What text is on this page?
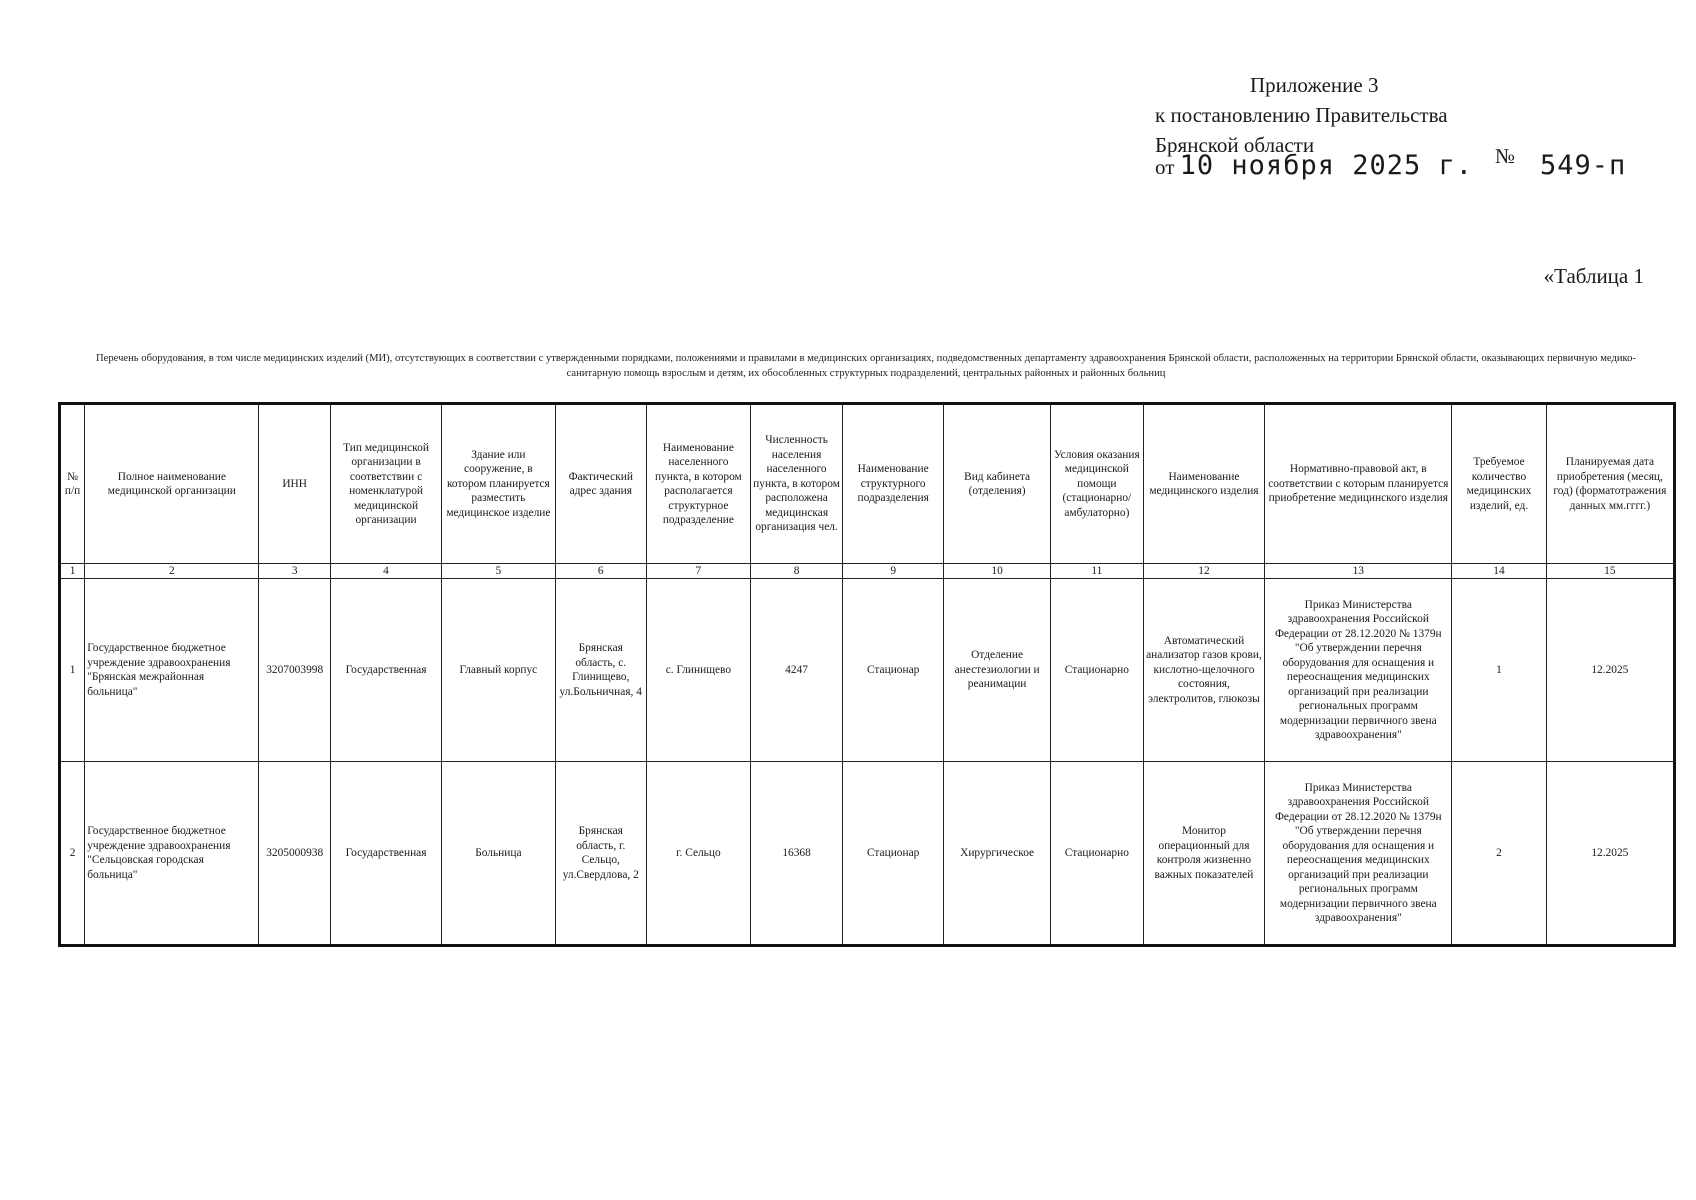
Приложение 3
к постановлению Правительства
Брянской области
от 10 ноября 2025 г. № 549-п
«Таблица 1
Перечень оборудования, в том числе медицинских изделий (МИ), отсутствующих в соответствии с утвержденными порядками, положениями и правилами в медицинских организациях, подведомственных департаменту здравоохранения Брянской области, расположенных на территории Брянской области, оказывающих первичную медико-санитарную помощь взрослым и детям, их обособленных структурных подразделений, центральных районных и районных больниц
№ п/п	Полное наименование медицинской организации	ИНН	Тип медицинской организации в соответствии с номенклатурой медицинской организации	Здание или сооружение, в котором планируется разместить медицинское изделие	Фактический адрес здания	Наименование населенного пункта, в котором располагается структурное подразделение	Численность населения населенного пункта, в котором расположена медицинская организация чел.	Наименование структурного подразделения	Вид кабинета (отделения)	Условия оказания медицинской помощи (стационарно/амбулаторно)	Наименование медицинского изделия	Нормативно-правовой акт, в соответствии с которым планируется приобретение медицинского изделия	Требуемое количество медицинских изделий, ед.	Планируемая дата приобретения (месяц, год) (форматотражения данных мм.гггг.)
1	2	3	4	5	6	7	8	9	10	11	12	13	14	15
1	Государственное бюджетное учреждение здравоохранения "Брянская межрайонная больница"	3207003998	Государственная	Главный корпус	Брянская область, с. Глинищево, ул.Больничная, 4	с. Глинищево	4247	Стационар	Отделение анестезиологии и реанимации	Стационарно	Автоматический анализатор газов крови, кислотно-щелочного состояния, электролитов, глюкозы	Приказ Министерства здравоохранения Российской Федерации от 28.12.2020 № 1379н "Об утверждении перечня оборудования для оснащения и переоснащения медицинских организаций при реализации региональных программ модернизации первичного звена здравоохранения"	1	12.2025
2	Государственное бюджетное учреждение здравоохранения "Сельцовская городская больница"	3205000938	Государственная	Больница	Брянская область, г. Сельцо, ул.Свердлова, 2	г. Сельцо	16368	Стационар	Хирургическое	Стационарно	Монитор операционный для контроля жизненно важных показателей	Приказ Министерства здравоохранения Российской Федерации от 28.12.2020 № 1379н "Об утверждении перечня оборудования для оснащения и переоснащения медицинских организаций при реализации региональных программ модернизации первичного звена здравоохранения"	2	12.2025
